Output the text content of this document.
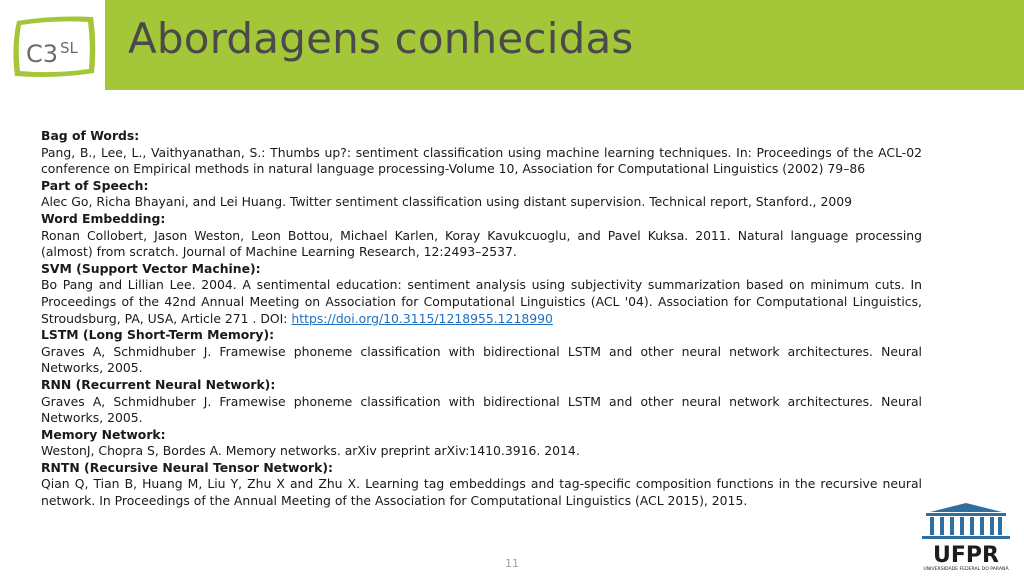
C3 SL Abordagens conhecidas
Bag of Words:
Pang, B., Lee, L., Vaithyanathan, S.: Thumbs up?: sentiment classification using machine learning techniques. In: Proceedings of the ACL-02 conference on Empirical methods in natural language processing-Volume 10, Association for Computational Linguistics (2002) 79–86
Part of Speech:
Alec Go, Richa Bhayani, and Lei Huang. Twitter sentiment classification using distant supervision. Technical report, Stanford., 2009
Word Embedding:
Ronan Collobert, Jason Weston, Leon Bottou, Michael Karlen, Koray Kavukcuoglu, and Pavel Kuksa. 2011. Natural language processing (almost) from scratch. Journal of Machine Learning Research, 12:2493–2537.
SVM (Support Vector Machine):
Bo Pang and Lillian Lee. 2004. A sentimental education: sentiment analysis using subjectivity summarization based on minimum cuts. In Proceedings of the 42nd Annual Meeting on Association for Computational Linguistics (ACL '04). Association for Computational Linguistics, Stroudsburg, PA, USA, Article 271 . DOI: https://doi.org/10.3115/1218955.1218990
LSTM (Long Short-Term Memory):
Graves A, Schmidhuber J. Framewise phoneme classification with bidirectional LSTM and other neural network architectures. Neural Networks, 2005.
RNN (Recurrent Neural Network):
Graves A, Schmidhuber J. Framewise phoneme classification with bidirectional LSTM and other neural network architectures. Neural Networks, 2005.
Memory Network:
WestonJ, Chopra S, Bordes A. Memory networks. arXiv preprint arXiv:1410.3916. 2014.
RNTN (Recursive Neural Tensor Network):
Qian Q, Tian B, Huang M, Liu Y, Zhu X and Zhu X. Learning tag embeddings and tag-specific composition functions in the recursive neural network. In Proceedings of the Annual Meeting of the Association for Computational Linguistics (ACL 2015), 2015.
11	UFPR
UNIVERSIDADE FEDERAL DO PARANÁ
